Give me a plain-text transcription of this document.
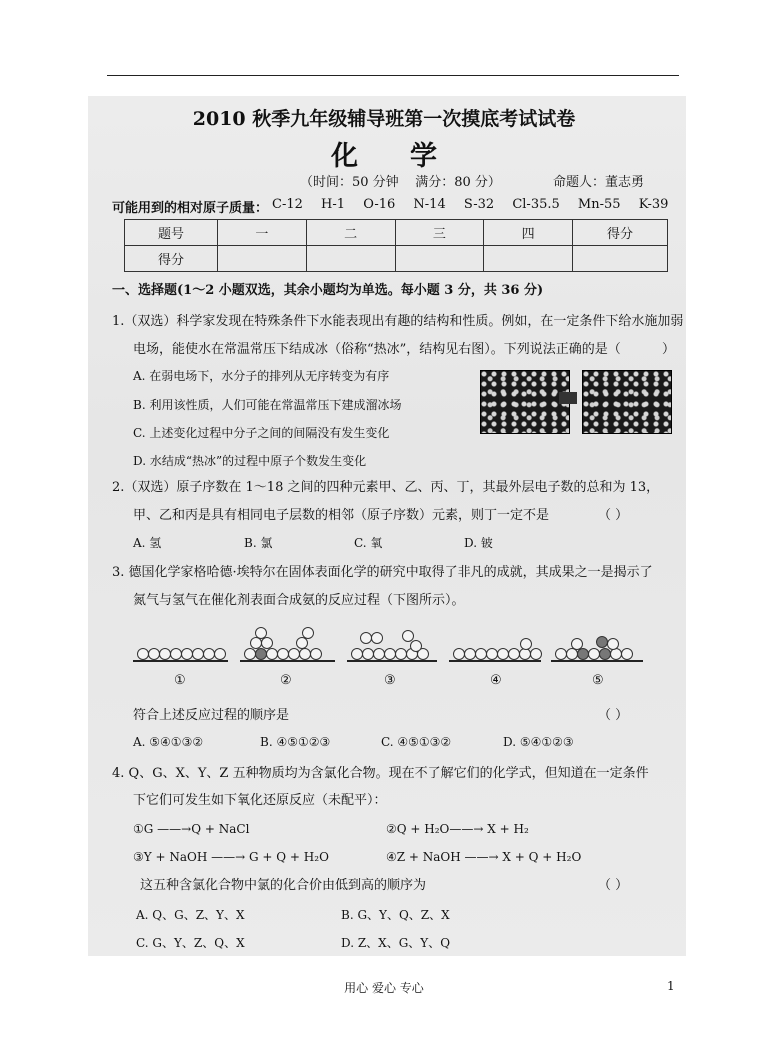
2010 秋季九年级辅导班第一次摸底考试试卷
化学
（时间：50 分钟 满分：80 分）	命题人：董志勇
可能用到的相对原子质量： C-12 H-1 O-16 N-14 S-32 Cl-35.5 Mn-55 K-39
题号	一	二	三	四	得分
得分					
一、选择题(1～2 小题双选，其余小题均为单选。每小题 3 分，共 36 分)
1.（双选）科学家发现在特殊条件下水能表现出有趣的结构和性质。例如，在一定条件下给水施加弱
电场，能使水在常温常压下结成冰（俗称“热冰”，结构见右图）。下列说法正确的是（	）
A. 在弱电场下，水分子的排列从无序转变为有序
B. 利用该性质，人们可能在常温常压下建成溜冰场
C. 上述变化过程中分子之间的间隔没有发生变化
D. 水结成“热冰”的过程中原子个数发生变化
2.（双选）原子序数在 1～18 之间的四种元素甲、乙、丙、丁，其最外层电子数的总和为 13，
甲、乙和丙是具有相同电子层数的相邻（原子序数）元素，则丁一定不是	（ ）
A. 氢	B. 氯	C. 氧	D. 铍
3. 德国化学家格哈德·埃特尔在固体表面化学的研究中取得了非凡的成就，其成果之一是揭示了
氮气与氢气在催化剂表面合成氨的反应过程（下图所示）。
①	②	③	④	⑤
符合上述反应过程的顺序是	（ ）
A. ⑤④①③②	B. ④⑤①②③	C. ④⑤①③②	D. ⑤④①②③
4. Q、G、X、Y、Z 五种物质均为含氯化合物。现在不了解它们的化学式，但知道在一定条件
下它们可发生如下氧化还原反应（未配平）：
①G ——→Q + NaCl	②Q + H₂O——→ X + H₂
③Y + NaOH ——→ G + Q + H₂O	④Z + NaOH ——→ X + Q + H₂O
这五种含氯化合物中氯的化合价由低到高的顺序为	（ ）
A. Q、G、Z、Y、X	B. G、Y、Q、Z、X
C. G、Y、Z、Q、X	D. Z、X、G、Y、Q
用心 爱心 专心	1
